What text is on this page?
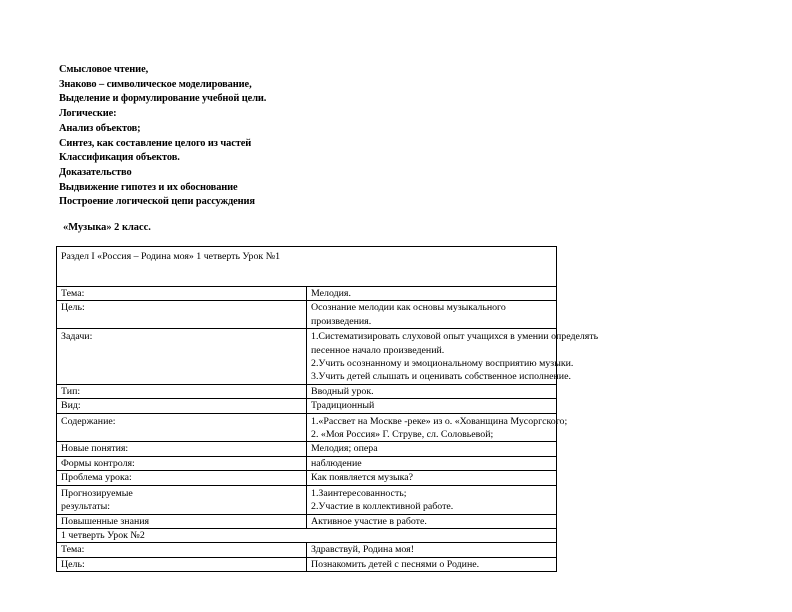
Смысловое чтение,
Знаково – символическое моделирование,
Выделение и формулирование учебной цели.
Логические:
Анализ объектов;
Синтез, как составление целого из частей
Классификация объектов.
Доказательство
Выдвижение гипотез и их обоснование
Построение логической цепи рассуждения
«Музыка» 2 класс.
Раздел I «Россия – Родина моя» 1 четверть Урок №1	
Тема:	Мелодия.
Цель:	Осознание мелодии как основы музыкального произведения.
Задачи:	1.Систематизировать слуховой опыт учащихся в умении определять
песенное начало произведений.
2.Учить осознанному и эмоциональному восприятию музыки.
3.Учить детей слышать и оценивать собственное исполнение.

Тип:	Вводный урок.
Вид:	Традиционный
Содержание:	1.«Рассвет на Москве -реке» из о. «Хованщина Мусоргского;
2. «Моя Россия» Г. Струве, сл. Соловьевой;

Новые понятия:	Мелодия; опера
Формы контроля:	наблюдение
Проблема урока:	Как появляется музыка?

Прогнозируемые
результаты:	1.Заинтересованность;
2.Участие в коллективной работе.

Повышенные знания	Активное участие в работе.
1 четверть Урок №2	
Тема:	Здравствуй, Родина моя!
Цель:	Познакомить детей с песнями о Родине.
